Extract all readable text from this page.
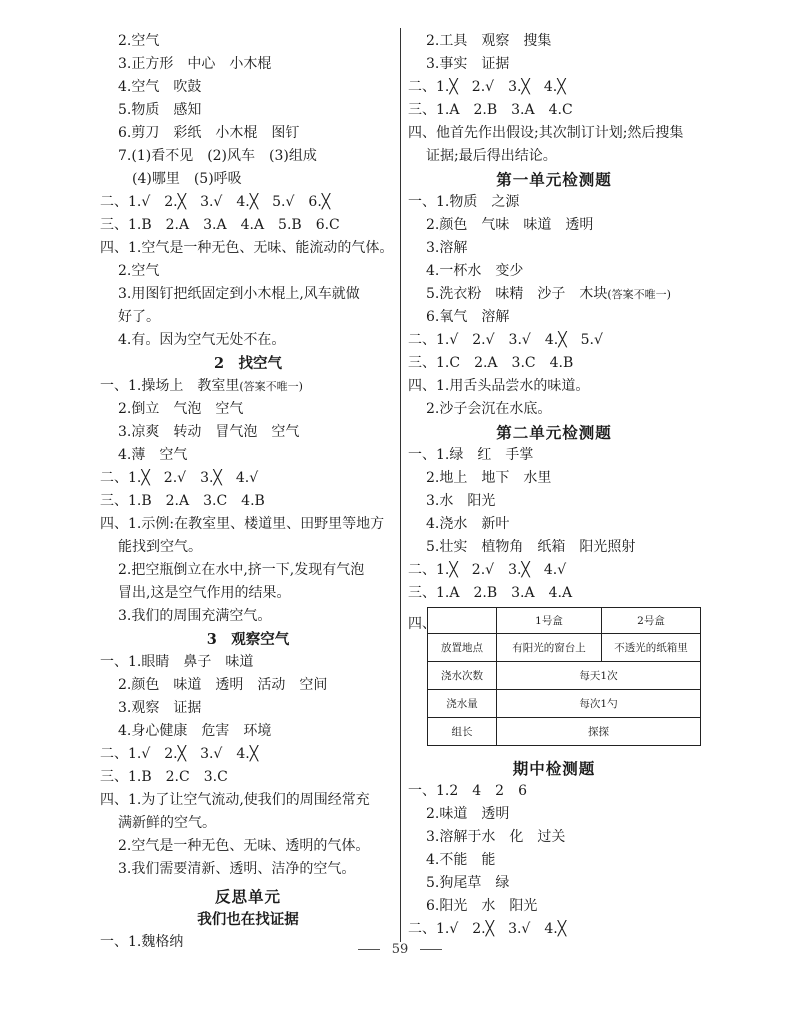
2.空气
3.正方形　中心　小木棍
4.空气　吹鼓
5.物质　感知
6.剪刀　彩纸　小木棍　图钉
7.(1)看不见　(2)风车　(3)组成
(4)哪里　(5)呼吸
二、1.√　2.╳　3.√　4.╳　5.√　6.╳
三、1.B　2.A　3.A　4.A　5.B　6.C
四、1.空气是一种无色、无味、能流动的气体。
2.空气
3.用图钉把纸固定到小木棍上,风车就做
好了。
4.有。因为空气无处不在。
2　找空气
一、1.操场上　教室里(答案不唯一)
2.倒立　气泡　空气
3.凉爽　转动　冒气泡　空气
4.薄　空气
二、1.╳　2.√　3.╳　4.√
三、1.B　2.A　3.C　4.B
四、1.示例:在教室里、楼道里、田野里等地方
能找到空气。
2.把空瓶倒立在水中,挤一下,发现有气泡
冒出,这是空气作用的结果。
3.我们的周围充满空气。
3　观察空气
一、1.眼睛　鼻子　味道
2.颜色　味道　透明　活动　空间
3.观察　证据
4.身心健康　危害　环境
二、1.√　2.╳　3.√　4.╳
三、1.B　2.C　3.C
四、1.为了让空气流动,使我们的周围经常充
满新鲜的空气。
2.空气是一种无色、无味、透明的气体。
3.我们需要清新、透明、洁净的空气。
反思单元
我们也在找证据
一、1.魏格纳
2.工具　观察　搜集
3.事实　证据
二、1.╳　2.√　3.╳　4.╳
三、1.A　2.B　3.A　4.C
四、他首先作出假设;其次制订计划;然后搜集
证据;最后得出结论。
第一单元检测题
一、1.物质　之源
2.颜色　气味　味道　透明
3.溶解
4.一杯水　变少
5.洗衣粉　味精　沙子　木块(答案不唯一)
6.氧气　溶解
二、1.√　2.√　3.√　4.╳　5.√
三、1.C　2.A　3.C　4.B
四、1.用舌头品尝水的味道。
2.沙子会沉在水底。
第二单元检测题
一、1.绿　红　手掌
2.地上　地下　水里
3.水　阳光
4.浇水　新叶
5.壮实　植物角　纸箱　阳光照射
二、1.╳　2.√　3.╳　4.√
三、1.A　2.B　3.A　4.A
四、
		1号盒	2号盒
放置地点	有阳光的窗台上	不透光的纸箱里
浇水次数	每天1次	
浇水量	每次1勺	
组长	探探	
期中检测题
一、1.2　4　2　6
2.味道　透明
3.溶解于水　化　过关
4.不能　能
5.狗尾草　绿
6.阳光　水　阳光
二、1.√　2.╳　3.√　4.╳
59
